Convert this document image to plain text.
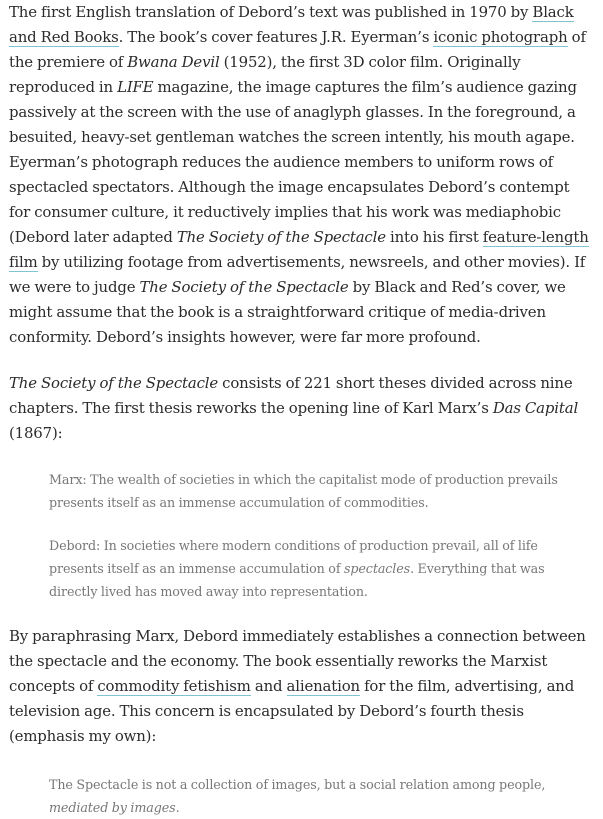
The first English translation of Debord’s text was published in 1970 by Black and Red Books. The book’s cover features J.R. Eyerman’s iconic photograph of the premiere of Bwana Devil (1952), the first 3D color film. Originally reproduced in LIFE magazine, the image captures the film’s audience gazing passively at the screen with the use of anaglyph glasses. In the foreground, a besuited, heavy-set gentleman watches the screen intently, his mouth agape. Eyerman’s photograph reduces the audience members to uniform rows of spectacled spectators. Although the image encapsulates Debord’s contempt for consumer culture, it reductively implies that his work was mediaphobic (Debord later adapted The Society of the Spectacle into his first feature-length film by utilizing footage from advertisements, newsreels, and other movies). If we were to judge The Society of the Spectacle by Black and Red’s cover, we might assume that the book is a straightforward critique of media-driven conformity. Debord’s insights however, were far more profound.

The Society of the Spectacle consists of 221 short theses divided across nine chapters. The first thesis reworks the opening line of Karl Marx’s Das Capital (1867):

Marx: The wealth of societies in which the capitalist mode of production prevails presents itself as an immense accumulation of commodities.

Debord: In societies where modern conditions of production prevail, all of life presents itself as an immense accumulation of spectacles. Everything that was directly lived has moved away into representation.

By paraphrasing Marx, Debord immediately establishes a connection between the spectacle and the economy. The book essentially reworks the Marxist concepts of commodity fetishism and alienation for the film, advertising, and television age. This concern is encapsulated by Debord’s fourth thesis (emphasis my own):

The Spectacle is not a collection of images, but a social relation among people, mediated by images.
